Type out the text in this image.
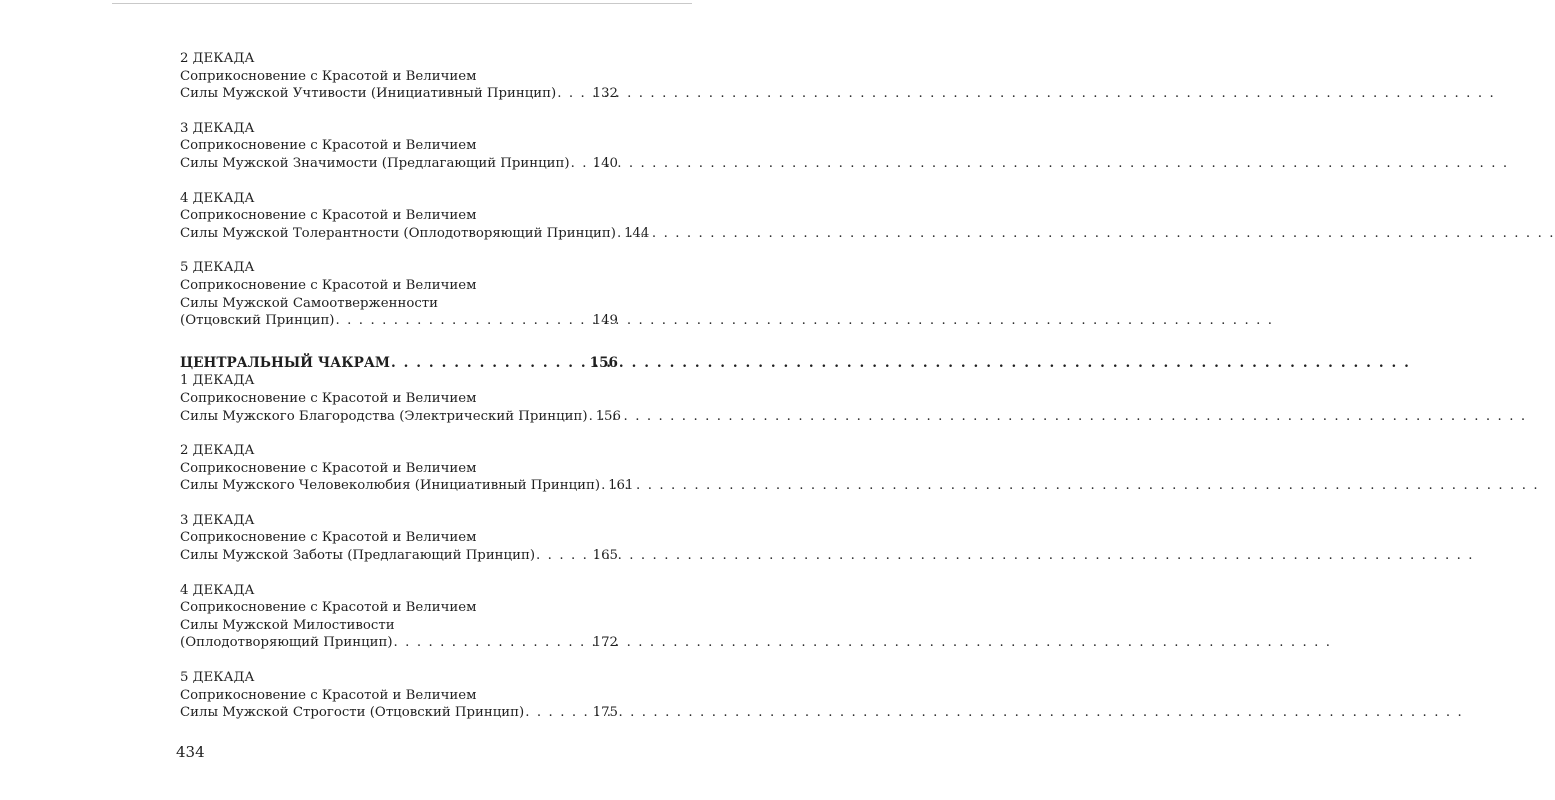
2 ДЕКАДА
Соприкосновение с Красотой и Величием
Силы Мужской Учтивости (Инициативный Принцип) . . .	132
3 ДЕКАДА
Соприкосновение с Красотой и Величием
Силы Мужской Значимости (Предлагающий Принцип) . . . 140
4 ДЕКАДА
Соприкосновение с Красотой и Величием
Силы Мужской Толерантности (Оплодотворяющий Принцип) . . . 144
5 ДЕКАДА
Соприкосновение с Красотой и Величием
Силы Мужской Самоотверженности
(Отцовский Принцип) . . .	149
ЦЕНТРАЛЬНЫЙ ЧАКРАМ . . .	156
1 ДЕКАДА
Соприкосновение с Красотой и Величием
Силы Мужского Благородства (Электрический Принцип) . . . 156
2 ДЕКАДА
Соприкосновение с Красотой и Величием
Силы Мужского Человеколюбия (Инициативный Принцип) . . . 161
3 ДЕКАДА
Соприкосновение с Красотой и Величием
Силы Мужской Заботы (Предлагающий Принцип) . . .	165
4 ДЕКАДА
Соприкосновение с Красотой и Величием
Силы Мужской Милостивости
(Оплодотворяющий Принцип) . . .	172
5 ДЕКАДА
Соприкосновение с Красотой и Величием
Силы Мужской Строгости (Отцовский Принцип) . . .	175
434
